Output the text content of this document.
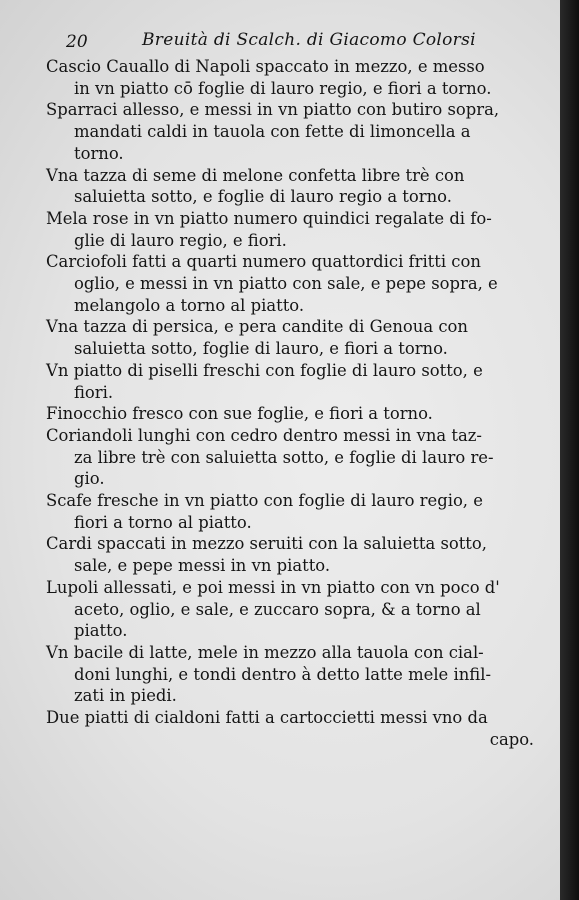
20	Breuità di Scalch. di Giacomo Colorsi
Cascio Cauallo di Napoli spaccato in mezzo, e messo
in vn piatto cō foglie di lauro regio, e fiori a torno.
Sparraci allesso, e messi in vn piatto con butiro sopra,
mandati caldi in tauola con fette di limoncella a
torno.
Vna tazza di seme di melone confetta libre trè con
saluietta sotto, e foglie di lauro regio a torno.
Mela rose in vn piatto numero quindici regalate di fo-
glie di lauro regio, e fiori.
Carciofoli fatti a quarti numero quattordici fritti con
oglio, e messi in vn piatto con sale, e pepe sopra, e
melangolo a torno al piatto.
Vna tazza di persica, e pera candite di Genoua con
saluietta sotto, foglie di lauro, e fiori a torno.
Vn piatto di piselli freschi con foglie di lauro sotto, e
fiori.
Finocchio fresco con sue foglie, e fiori a torno.
Coriandoli lunghi con cedro dentro messi in vna taz-
za libre trè con saluietta sotto, e foglie di lauro re-
gio.
Scafe fresche in vn piatto con foglie di lauro regio, e
fiori a torno al piatto.
Cardi spaccati in mezzo seruiti con la saluietta sotto,
sale, e pepe messi in vn piatto.
Lupoli allessati, e poi messi in vn piatto con vn poco d'
aceto, oglio, e sale, e zuccaro sopra, & a torno al
piatto.
Vn bacile di latte, mele in mezzo alla tauola con cial-
doni lunghi, e tondi dentro à detto latte mele infil-
zati in piedi.
Due piatti di cialdoni fatti a cartoccietti messi vno da
capo.
